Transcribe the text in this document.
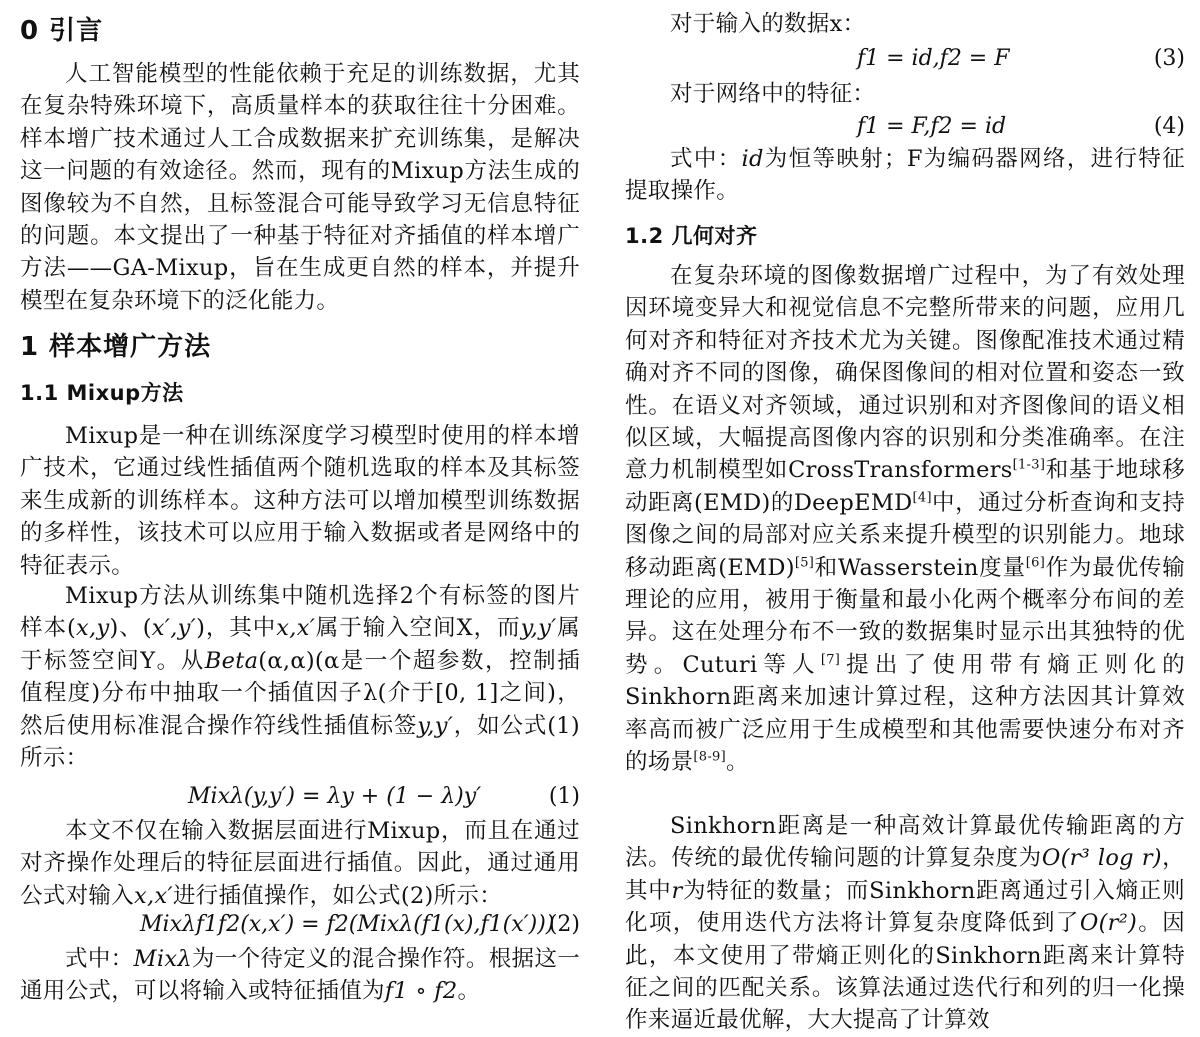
0 引言

人工智能模型的性能依赖于充足的训练数据，尤其在复杂特殊环境下，高质量样本的获取往往十分困难。样本增广技术通过人工合成数据来扩充训练集，是解决这一问题的有效途径。然而，现有的Mixup方法生成的图像较为不自然，且标签混合可能导致学习无信息特征的问题。本文提出了一种基于特征对齐插值的样本增广方法——GA-Mixup，旨在生成更自然的样本，并提升模型在复杂环境下的泛化能力。

1 样本增广方法
1.1 Mixup方法

Mixup是一种在训练深度学习模型时使用的样本增广技术，它通过线性插值两个随机选取的样本及其标签来生成新的训练样本。这种方法可以增加模型训练数据的多样性，该技术可以应用于输入数据或者是网络中的特征表示。

Mixup方法从训练集中随机选择2个有标签的图片样本(x,y)、(x′,y′)，其中x,x′属于输入空间X，而y,y′属于标签空间Y。从Beta(α,α)(α是一个超参数，控制插值程度)分布中抽取一个插值因子λ(介于[0, 1]之间)，然后使用标准混合操作符线性插值标签y,y′，如公式(1)所示：

Mixλ(y,y′) = λy + (1 − λ)y′	(1)

本文不仅在输入数据层面进行Mixup，而且在通过对齐操作处理后的特征层面进行插值。因此，通过通用公式对输入x,x′进行插值操作，如公式(2)所示：

Mixλf1f2(x,x′) = f2(Mixλ(f1(x),f1(x′)))
(2)

式中：Mixλ为一个待定义的混合操作符。根据这一通用公式，可以将输入或特征插值为f1 ∘ f2。

对于输入的数据x：

f1 = id,f2 = F	(3)

对于网络中的特征：

f1 = F,f2 = id	(4)

式中：id为恒等映射；F为编码器网络，进行特征提取操作。

1.2 几何对齐

在复杂环境的图像数据增广过程中，为了有效处理因环境变异大和视觉信息不完整所带来的问题，应用几何对齐和特征对齐技术尤为关键。图像配准技术通过精确对齐不同的图像，确保图像间的相对位置和姿态一致性。在语义对齐领域，通过识别和对齐图像间的语义相似区域，大幅提高图像内容的识别和分类准确率。在注意力机制模型如CrossTransformers[1-3]和基于地球移动距离(EMD)的DeepEMD[4]中，通过分析查询和支持图像之间的局部对应关系来提升模型的识别能力。地球移动距离(EMD)[5]和Wasserstein度量[6]作为最优传输理论的应用，被用于衡量和最小化两个概率分布间的差异。这在处理分布不一致的数据集时显示出其独特的优势。Cuturi等人[7]提出了使用带有熵正则化的Sinkhorn距离来加速计算过程，这种方法因其计算效率高而被广泛应用于生成模型和其他需要快速分布对齐的场景[8-9]。

Sinkhorn距离是一种高效计算最优传输距离的方法。传统的最优传输问题的计算复杂度为O(r³ log r)，其中r为特征的数量；而Sinkhorn距离通过引入熵正则化项，使用迭代方法将计算复杂度降低到了O(r²)。因此，本文使用了带熵正则化的Sinkhorn距离来计算特征之间的匹配关系。该算法通过迭代行和列的归一化操作来逼近最优解，大大提高了计算效
